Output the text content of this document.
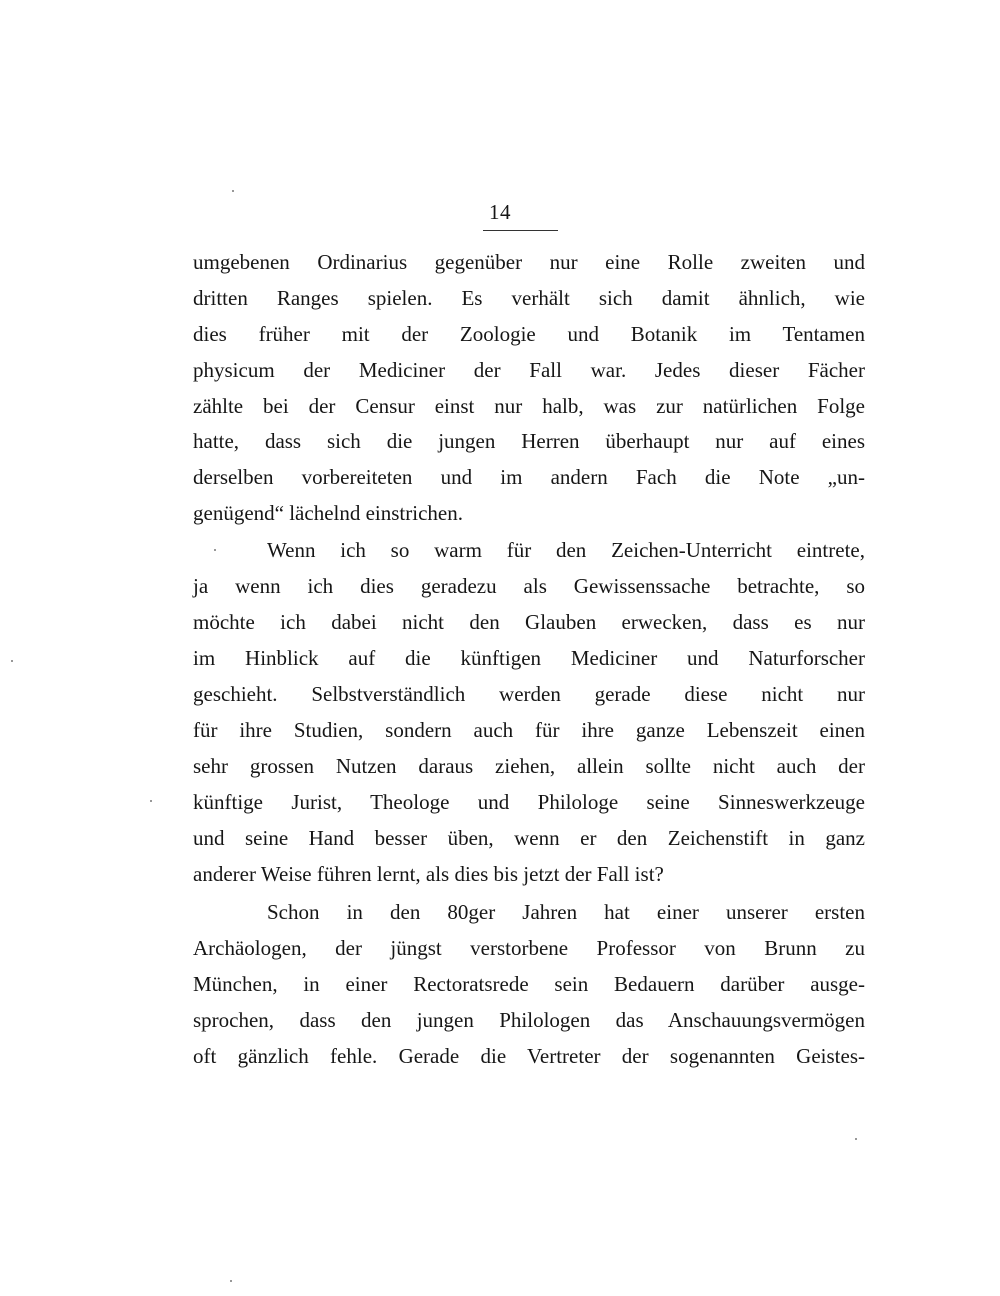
14
umgebenen Ordinarius gegenüber nur eine Rolle zweiten und
dritten Ranges spielen. Es verhält sich damit ähnlich, wie
dies früher mit der Zoologie und Botanik im Tentamen
physicum der Mediciner der Fall war. Jedes dieser Fächer
zählte bei der Censur einst nur halb, was zur natürlichen Folge
hatte, dass sich die jungen Herren überhaupt nur auf eines
derselben vorbereiteten und im andern Fach die Note „un-
genügend“ lächelnd einstrichen.
Wenn ich so warm für den Zeichen-Unterricht eintrete,
ja wenn ich dies geradezu als Gewissenssache betrachte, so
möchte ich dabei nicht den Glauben erwecken, dass es nur
im Hinblick auf die künftigen Mediciner und Naturforscher
geschieht. Selbstverständlich werden gerade diese nicht nur
für ihre Studien, sondern auch für ihre ganze Lebenszeit einen
sehr grossen Nutzen daraus ziehen, allein sollte nicht auch der
künftige Jurist, Theologe und Philologe seine Sinneswerkzeuge
und seine Hand besser üben, wenn er den Zeichenstift in ganz
anderer Weise führen lernt, als dies bis jetzt der Fall ist?
Schon in den 80ger Jahren hat einer unserer ersten
Archäologen, der jüngst verstorbene Professor von Brunn zu
München, in einer Rectoratsrede sein Bedauern darüber ausge-
sprochen, dass den jungen Philologen das Anschauungsvermögen
oft gänzlich fehle. Gerade die Vertreter der sogenannten Geistes-
